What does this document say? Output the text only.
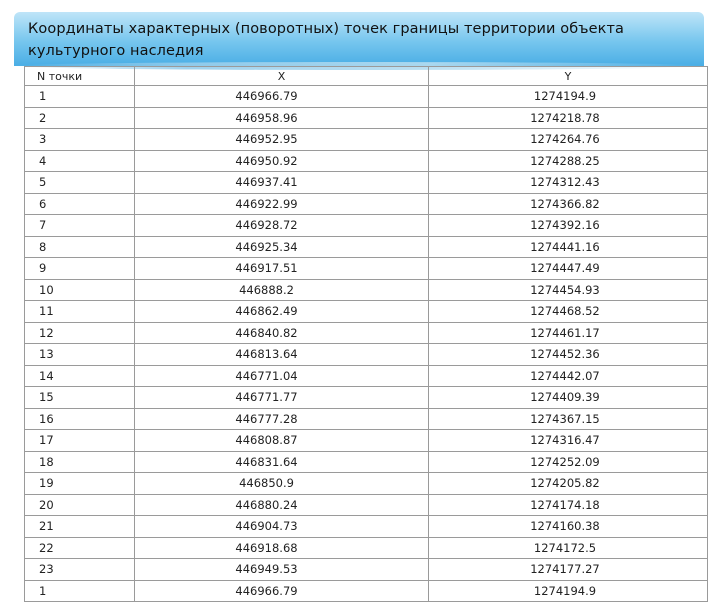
Координаты характерных (поворотных) точек границы территории объекта культурного наследия
N точки	X	Y
1	446966.79	1274194.9
2	446958.96	1274218.78
3	446952.95	1274264.76
4	446950.92	1274288.25
5	446937.41	1274312.43
6	446922.99	1274366.82
7	446928.72	1274392.16
8	446925.34	1274441.16
9	446917.51	1274447.49
10	446888.2	1274454.93
11	446862.49	1274468.52
12	446840.82	1274461.17
13	446813.64	1274452.36
14	446771.04	1274442.07
15	446771.77	1274409.39
16	446777.28	1274367.15
17	446808.87	1274316.47
18	446831.64	1274252.09
19	446850.9	1274205.82
20	446880.24	1274174.18
21	446904.73	1274160.38
22	446918.68	1274172.5
23	446949.53	1274177.27
1	446966.79	1274194.9
